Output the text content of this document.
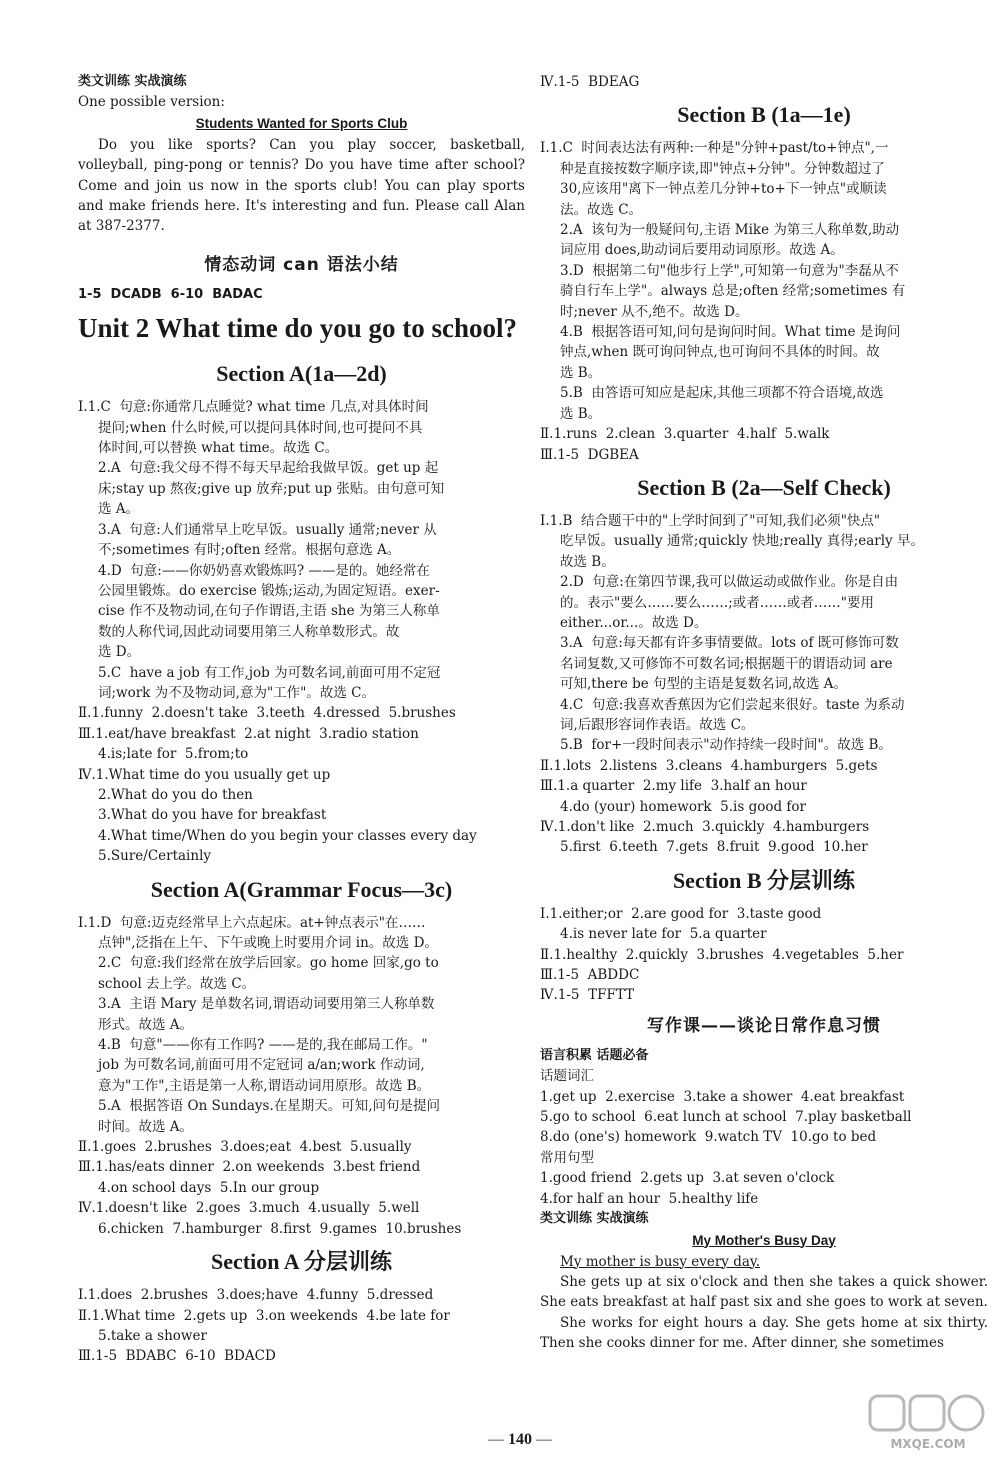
类文训练 实战演练
One possible version:
Students Wanted for Sports Club
Do you like sports? Can you play soccer, basketball, volleyball, ping-pong or tennis? Do you have time after school? Come and join us now in the sports club! You can play sports and make friends here. It's interesting and fun. Please call Alan at 387-2377.
情态动词 can 语法小结
1-5  DCADB  6-10  BADAC
Unit 2 What time do you go to school?
Section A(1a—2d)
Ⅰ.1.C  句意:你通常几点睡觉? what time 几点,对具体时间
提问;when 什么时候,可以提问具体时间,也可提问不具
体时间,可以替换 what time。故选 C。
2.A  句意:我父母不得不每天早起给我做早饭。get up 起
床;stay up 熬夜;give up 放弃;put up 张贴。由句意可知
选 A。
3.A  句意:人们通常早上吃早饭。usually 通常;never 从
不;sometimes 有时;often 经常。根据句意选 A。
4.D  句意:——你奶奶喜欢锻炼吗? ——是的。她经常在
公园里锻炼。do exercise 锻炼;运动,为固定短语。exer-
cise 作不及物动词,在句子作谓语,主语 she 为第三人称单
数的人称代词,因此动词要用第三人称单数形式。故
选 D。
5.C  have a job 有工作,job 为可数名词,前面可用不定冠
词;work 为不及物动词,意为"工作"。故选 C。
Ⅱ.1.funny  2.doesn't take  3.teeth  4.dressed  5.brushes
Ⅲ.1.eat/have breakfast  2.at night  3.radio station
4.is;late for  5.from;to
Ⅳ.1.What time do you usually get up
2.What do you do then
3.What do you have for breakfast
4.What time/When do you begin your classes every day
5.Sure/Certainly
Section A(Grammar Focus—3c)
Ⅰ.1.D  句意:迈克经常早上六点起床。at+钟点表示"在……
点钟",泛指在上午、下午或晚上时要用介词 in。故选 D。
2.C  句意:我们经常在放学后回家。go home 回家,go to
school 去上学。故选 C。
3.A  主语 Mary 是单数名词,谓语动词要用第三人称单数
形式。故选 A。
4.B  句意"——你有工作吗? ——是的,我在邮局工作。"
job 为可数名词,前面可用不定冠词 a/an;work 作动词,
意为"工作",主语是第一人称,谓语动词用原形。故选 B。
5.A  根据答语 On Sundays.在星期天。可知,问句是提问
时间。故选 A。
Ⅱ.1.goes  2.brushes  3.does;eat  4.best  5.usually
Ⅲ.1.has/eats dinner  2.on weekends  3.best friend
4.on school days  5.In our group
Ⅳ.1.doesn't like  2.goes  3.much  4.usually  5.well
6.chicken  7.hamburger  8.first  9.games  10.brushes
Section A 分层训练
Ⅰ.1.does  2.brushes  3.does;have  4.funny  5.dressed
Ⅱ.1.What time  2.gets up  3.on weekends  4.be late for
5.take a shower
Ⅲ.1-5  BDABC  6-10  BDACD
Ⅳ.1-5  BDEAG
Section B (1a—1e)
Ⅰ.1.C  时间表达法有两种:一种是"分钟+past/to+钟点",一
种是直接按数字顺序读,即"钟点+分钟"。分钟数超过了
30,应该用"离下一钟点差几分钟+to+下一钟点"或顺读
法。故选 C。
2.A  该句为一般疑问句,主语 Mike 为第三人称单数,助动
词应用 does,助动词后要用动词原形。故选 A。
3.D  根据第二句"他步行上学",可知第一句意为"李磊从不
骑自行车上学"。always 总是;often 经常;sometimes 有
时;never 从不,绝不。故选 D。
4.B  根据答语可知,问句是询问时间。What time 是询问
钟点,when 既可询问钟点,也可询问不具体的时间。故
选 B。
5.B  由答语可知应是起床,其他三项都不符合语境,故选
选 B。
Ⅱ.1.runs  2.clean  3.quarter  4.half  5.walk
Ⅲ.1-5  DGBEA
Section B (2a—Self Check)
Ⅰ.1.B  结合题干中的"上学时间到了"可知,我们必须"快点"
吃早饭。usually 通常;quickly 快地;really 真得;early 早。
故选 B。
2.D  句意:在第四节课,我可以做运动或做作业。你是自由
的。表示"要么……要么……;或者……或者……"要用
either...or...。故选 D。
3.A  句意:每天都有许多事情要做。lots of 既可修饰可数
名词复数,又可修饰不可数名词;根据题干的谓语动词 are
可知,there be 句型的主语是复数名词,故选 A。
4.C  句意:我喜欢香蕉因为它们尝起来很好。taste 为系动
词,后跟形容词作表语。故选 C。
5.B  for+一段时间表示"动作持续一段时间"。故选 B。
Ⅱ.1.lots  2.listens  3.cleans  4.hamburgers  5.gets
Ⅲ.1.a quarter  2.my life  3.half an hour
4.do (your) homework  5.is good for
Ⅳ.1.don't like  2.much  3.quickly  4.hamburgers
5.first  6.teeth  7.gets  8.fruit  9.good  10.her
Section B 分层训练
Ⅰ.1.either;or  2.are good for  3.taste good
4.is never late for  5.a quarter
Ⅱ.1.healthy  2.quickly  3.brushes  4.vegetables  5.her
Ⅲ.1-5  ABDDC
Ⅳ.1-5  TFFTT
写作课——谈论日常作息习惯
语言积累 话题必备
话题词汇
1.get up  2.exercise  3.take a shower  4.eat breakfast
5.go to school  6.eat lunch at school  7.play basketball
8.do (one's) homework  9.watch TV  10.go to bed
常用句型
1.good friend  2.gets up  3.at seven o'clock
4.for half an hour  5.healthy life
类文训练 实战演练
My Mother's Busy Day
My mother is busy every day.
She gets up at six o'clock and then she takes a quick shower. She eats breakfast at half past six and she goes to work at seven.
She works for eight hours a day. She gets home at six thirty. Then she cooks dinner for me. After dinner, she sometimes
— 140 —	MXQE.COM
